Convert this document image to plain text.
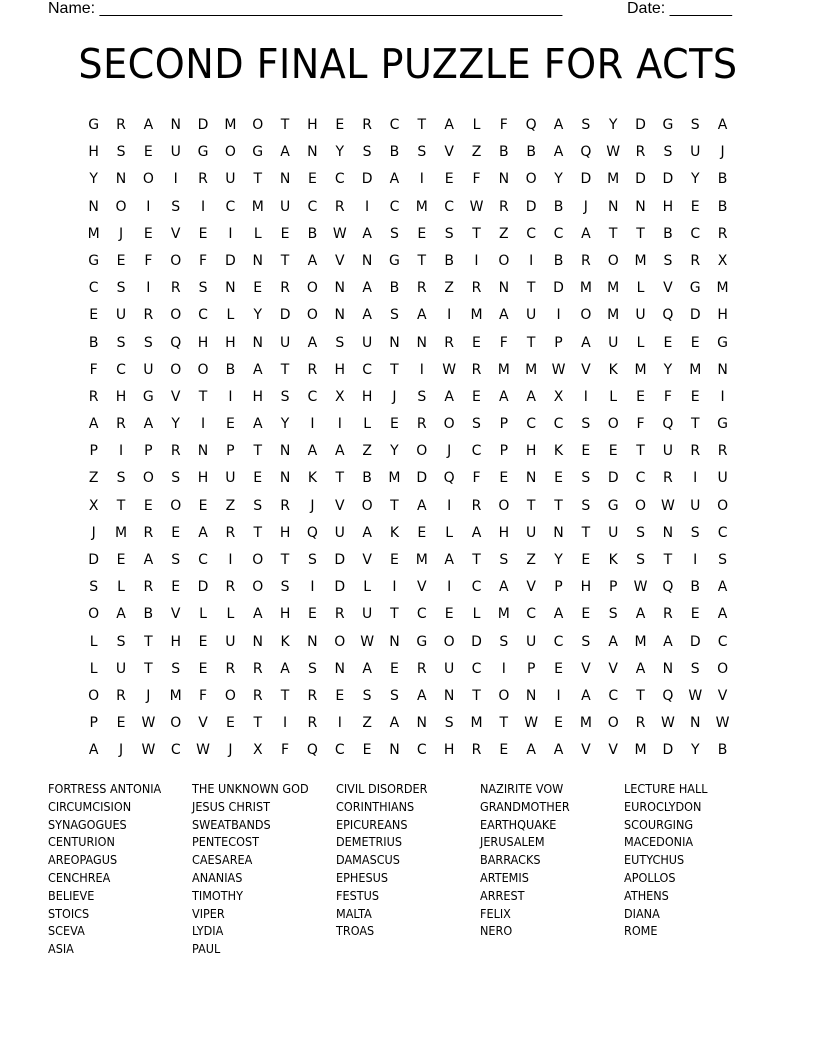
Name: ____________________________________________________	Date: _______
SECOND FINAL PUZZLE FOR ACTS
G	R	A	N	D	M	O	T	H	E	R	C	T	A	L	F	Q	A	S	Y	D	G	S	A
H	S	E	U	G	O	G	A	N	Y	S	B	S	V	Z	B	B	A	Q	W	R	S	U	J
Y	N	O	I	R	U	T	N	E	C	D	A	I	E	F	N	O	Y	D	M	D	D	Y	B
N	O	I	S	I	C	M	U	C	R	I	C	M	C	W	R	D	B	J	N	N	H	E	B
M	J	E	V	E	I	L	E	B	W	A	S	E	S	T	Z	C	C	A	T	T	B	C	R
G	E	F	O	F	D	N	T	A	V	N	G	T	B	I	O	I	B	R	O	M	S	R	X
C	S	I	R	S	N	E	R	O	N	A	B	R	Z	R	N	T	D	M	M	L	V	G	M
E	U	R	O	C	L	Y	D	O	N	A	S	A	I	M	A	U	I	O	M	U	Q	D	H
B	S	S	Q	H	H	N	U	A	S	U	N	N	R	E	F	T	P	A	U	L	E	E	G
F	C	U	O	O	B	A	T	R	H	C	T	I	W	R	M	M	W	V	K	M	Y	M	N
R	H	G	V	T	I	H	S	C	X	H	J	S	A	E	A	A	X	I	L	E	F	E	I
A	R	A	Y	I	E	A	Y	I	I	L	E	R	O	S	P	C	C	S	O	F	Q	T	G
P	I	P	R	N	P	T	N	A	A	Z	Y	O	J	C	P	H	K	E	E	T	U	R	R
Z	S	O	S	H	U	E	N	K	T	B	M	D	Q	F	E	N	E	S	D	C	R	I	U
X	T	E	O	E	Z	S	R	J	V	O	T	A	I	R	O	T	T	S	G	O	W	U	O
J	M	R	E	A	R	T	H	Q	U	A	K	E	L	A	H	U	N	T	U	S	N	S	C
D	E	A	S	C	I	O	T	S	D	V	E	M	A	T	S	Z	Y	E	K	S	T	I	S
S	L	R	E	D	R	O	S	I	D	L	I	V	I	C	A	V	P	H	P	W	Q	B	A
O	A	B	V	L	L	A	H	E	R	U	T	C	E	L	M	C	A	E	S	A	R	E	A
L	S	T	H	E	U	N	K	N	O	W	N	G	O	D	S	U	C	S	A	M	A	D	C
L	U	T	S	E	R	R	A	S	N	A	E	R	U	C	I	P	E	V	V	A	N	S	O
O	R	J	M	F	O	R	T	R	E	S	S	A	N	T	O	N	I	A	C	T	Q	W	V
P	E	W	O	V	E	T	I	R	I	Z	A	N	S	M	T	W	E	M	O	R	W	N	W
A	J	W	C	W	J	X	F	Q	C	E	N	C	H	R	E	A	A	V	V	M	D	Y	B
FORTRESS ANTONIA	THE UNKNOWN GOD	CIVIL DISORDER	NAZIRITE VOW	LECTURE HALL
CIRCUMCISION	JESUS CHRIST	CORINTHIANS	GRANDMOTHER	EUROCLYDON
SYNAGOGUES	SWEATBANDS	EPICUREANS	EARTHQUAKE	SCOURGING
CENTURION	PENTECOST	DEMETRIUS	JERUSALEM	MACEDONIA
AREOPAGUS	CAESAREA	DAMASCUS	BARRACKS	EUTYCHUS
CENCHREA	ANANIAS	EPHESUS	ARTEMIS	APOLLOS
BELIEVE	TIMOTHY	FESTUS	ARREST	ATHENS
STOICS	VIPER	MALTA	FELIX	DIANA
SCEVA	LYDIA	TROAS	NERO	ROME
ASIA	PAUL
